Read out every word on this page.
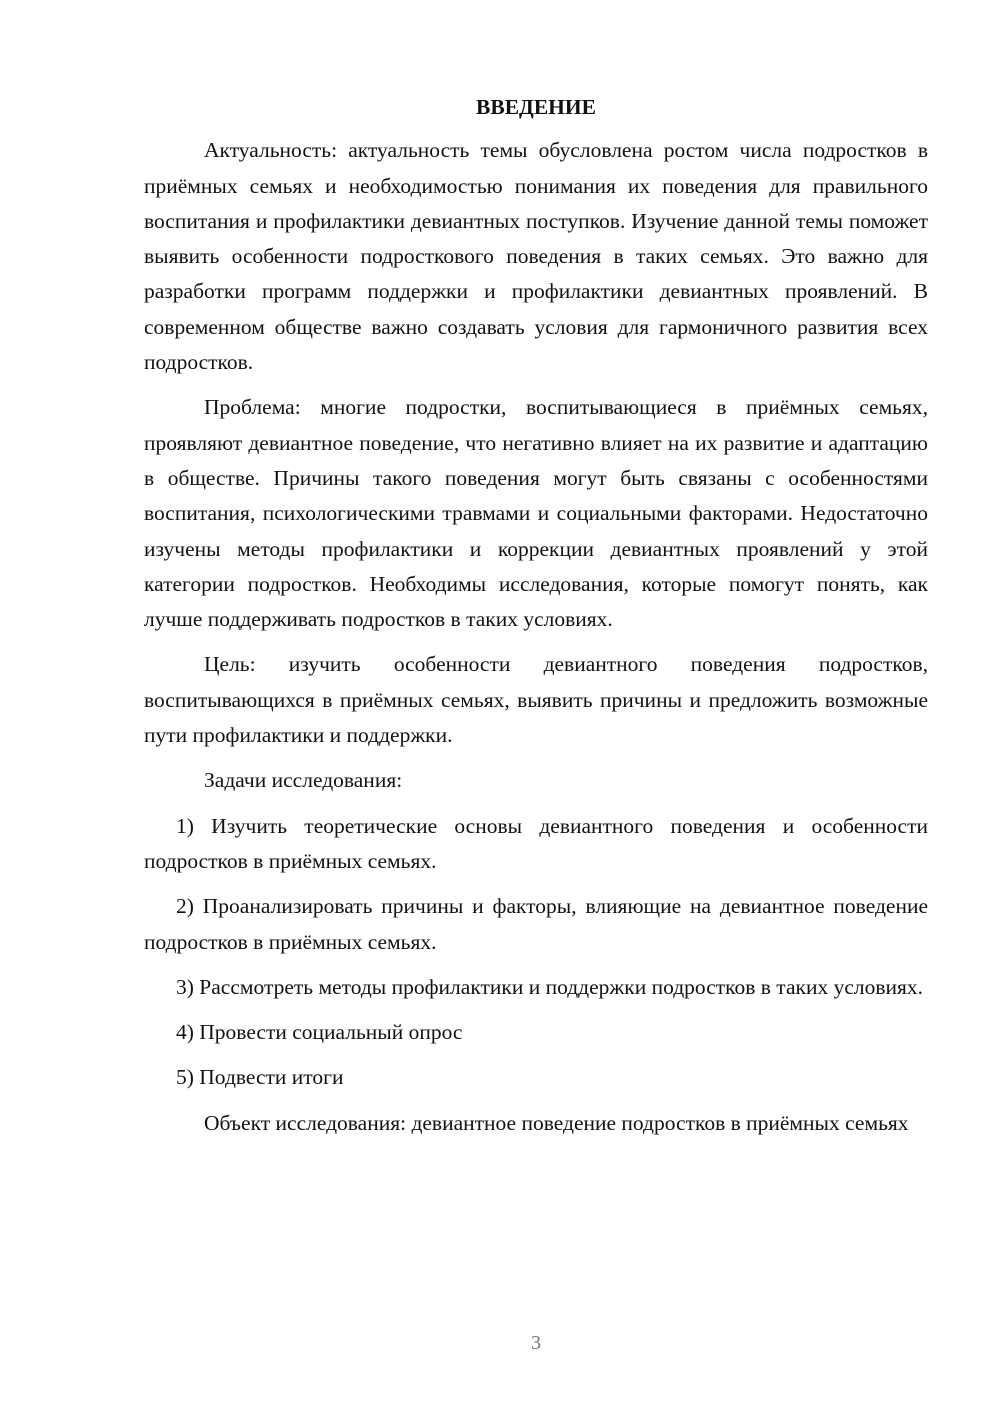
ВВЕДЕНИЕ

Актуальность: актуальность темы обусловлена ростом числа подростков в приёмных семьях и необходимостью понимания их поведения для правильного воспитания и профилактики девиантных поступков. Изучение данной темы поможет выявить особенности подросткового поведения в таких семьях. Это важно для разработки программ поддержки и профилактики девиантных проявлений. В современном обществе важно создавать условия для гармоничного развития всех подростков.

Проблема: многие подростки, воспитывающиеся в приёмных семьях, проявляют девиантное поведение, что негативно влияет на их развитие и адаптацию в обществе. Причины такого поведения могут быть связаны с особенностями воспитания, психологическими травмами и социальными факторами. Недостаточно изучены методы профилактики и коррекции девиантных проявлений у этой категории подростков. Необходимы исследования, которые помогут понять, как лучше поддерживать подростков в таких условиях.

Цель: изучить особенности девиантного поведения подростков, воспитывающихся в приёмных семьях, выявить причины и предложить возможные пути профилактики и поддержки.

Задачи исследования:

1) Изучить теоретические основы девиантного поведения и особенности подростков в приёмных семьях.

2) Проанализировать причины и факторы, влияющие на девиантное поведение подростков в приёмных семьях.

3) Рассмотреть методы профилактики и поддержки подростков в таких условиях.

4) Провести социальный опрос

5) Подвести итоги

Объект исследования: девиантное поведение подростков в приёмных семьях

3
